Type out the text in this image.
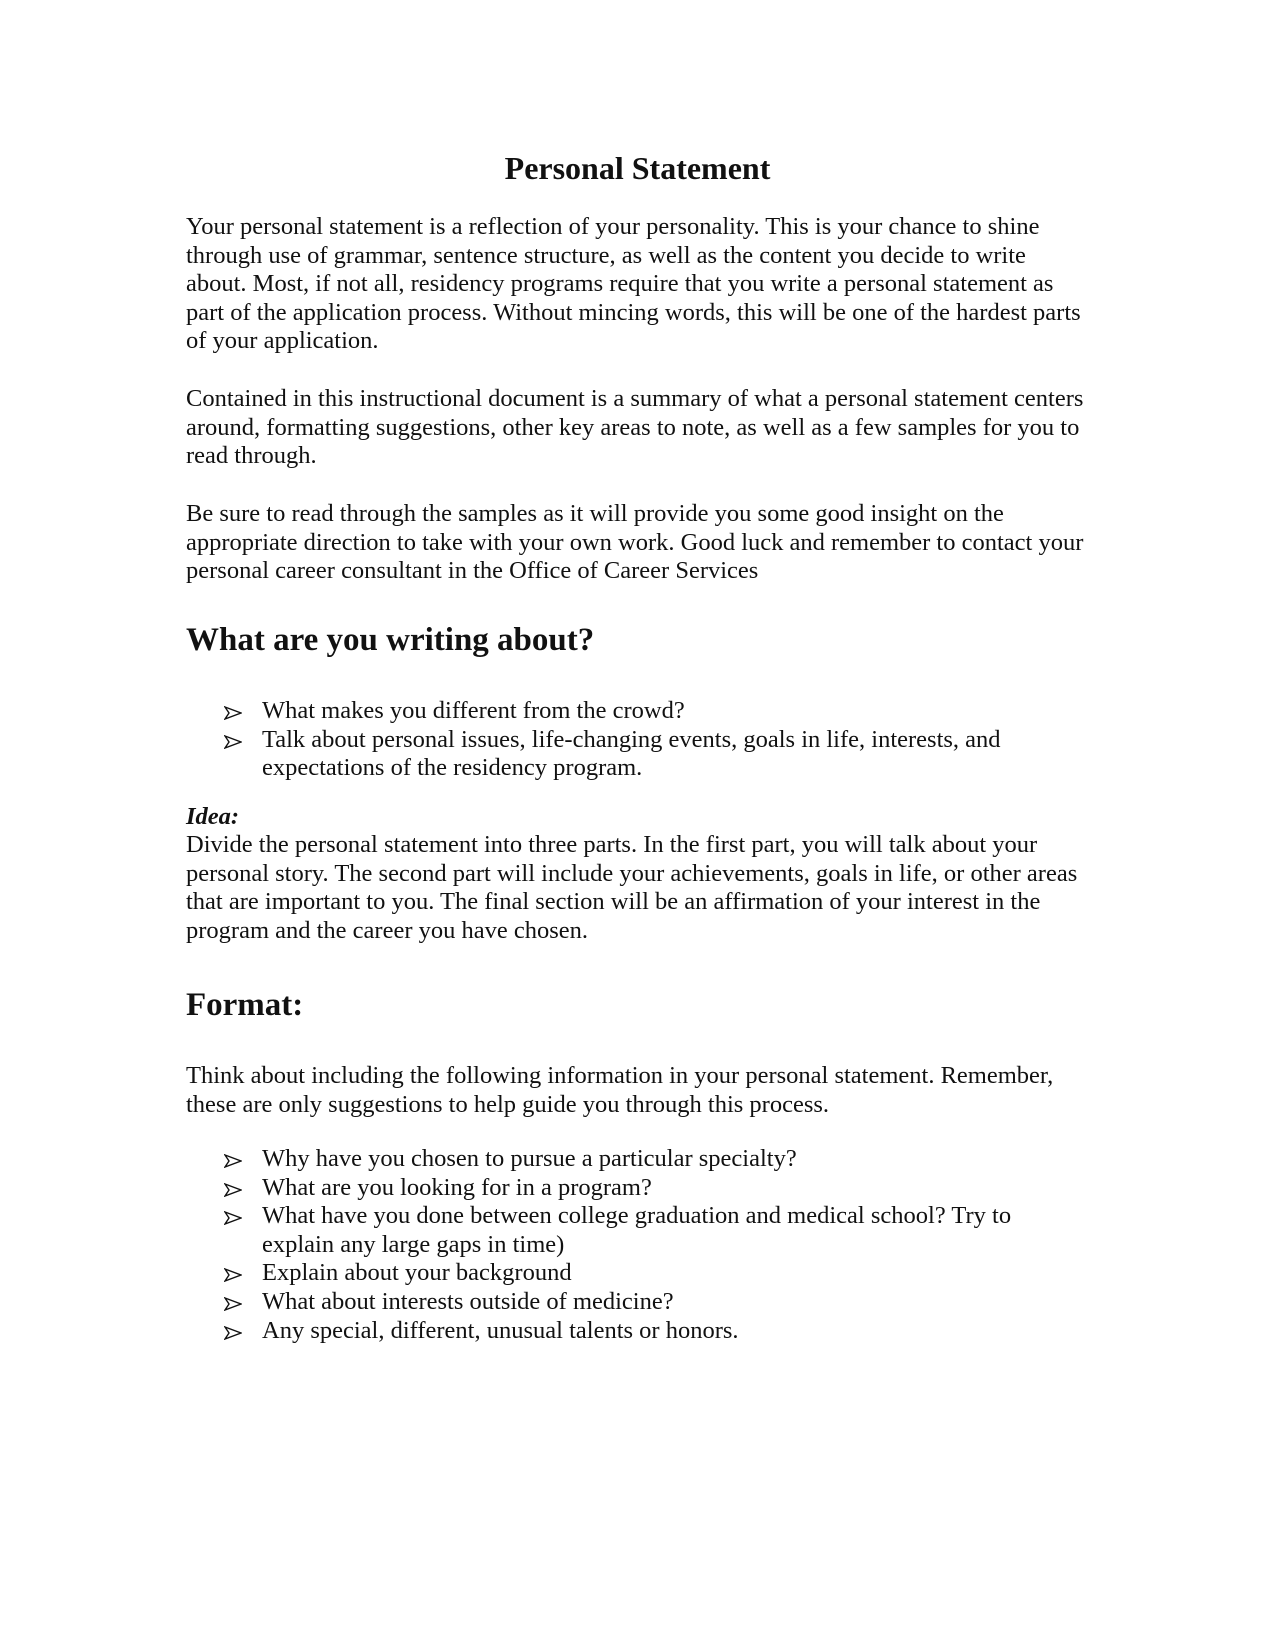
Personal Statement

Your personal statement is a reflection of your personality. This is your chance to shine through use of grammar, sentence structure, as well as the content you decide to write about. Most, if not all, residency programs require that you write a personal statement as part of the application process. Without mincing words, this will be one of the hardest parts of your application.

Contained in this instructional document is a summary of what a personal statement centers around, formatting suggestions, other key areas to note, as well as a few samples for you to read through.

Be sure to read through the samples as it will provide you some good insight on the appropriate direction to take with your own work. Good luck and remember to contact your personal career consultant in the Office of Career Services

What are you writing about?
What makes you different from the crowd?
Talk about personal issues, life-changing events, goals in life, interests, and expectations of the residency program.
Idea:

Divide the personal statement into three parts. In the first part, you will talk about your personal story. The second part will include your achievements, goals in life, or other areas that are important to you. The final section will be an affirmation of your interest in the program and the career you have chosen.

Format:

Think about including the following information in your personal statement. Remember, these are only suggestions to help guide you through this process.

Why have you chosen to pursue a particular specialty?
What are you looking for in a program?
What have you done between college graduation and medical school? Try to explain any large gaps in time)
Explain about your background
What about interests outside of medicine?
Any special, different, unusual talents or honors.
